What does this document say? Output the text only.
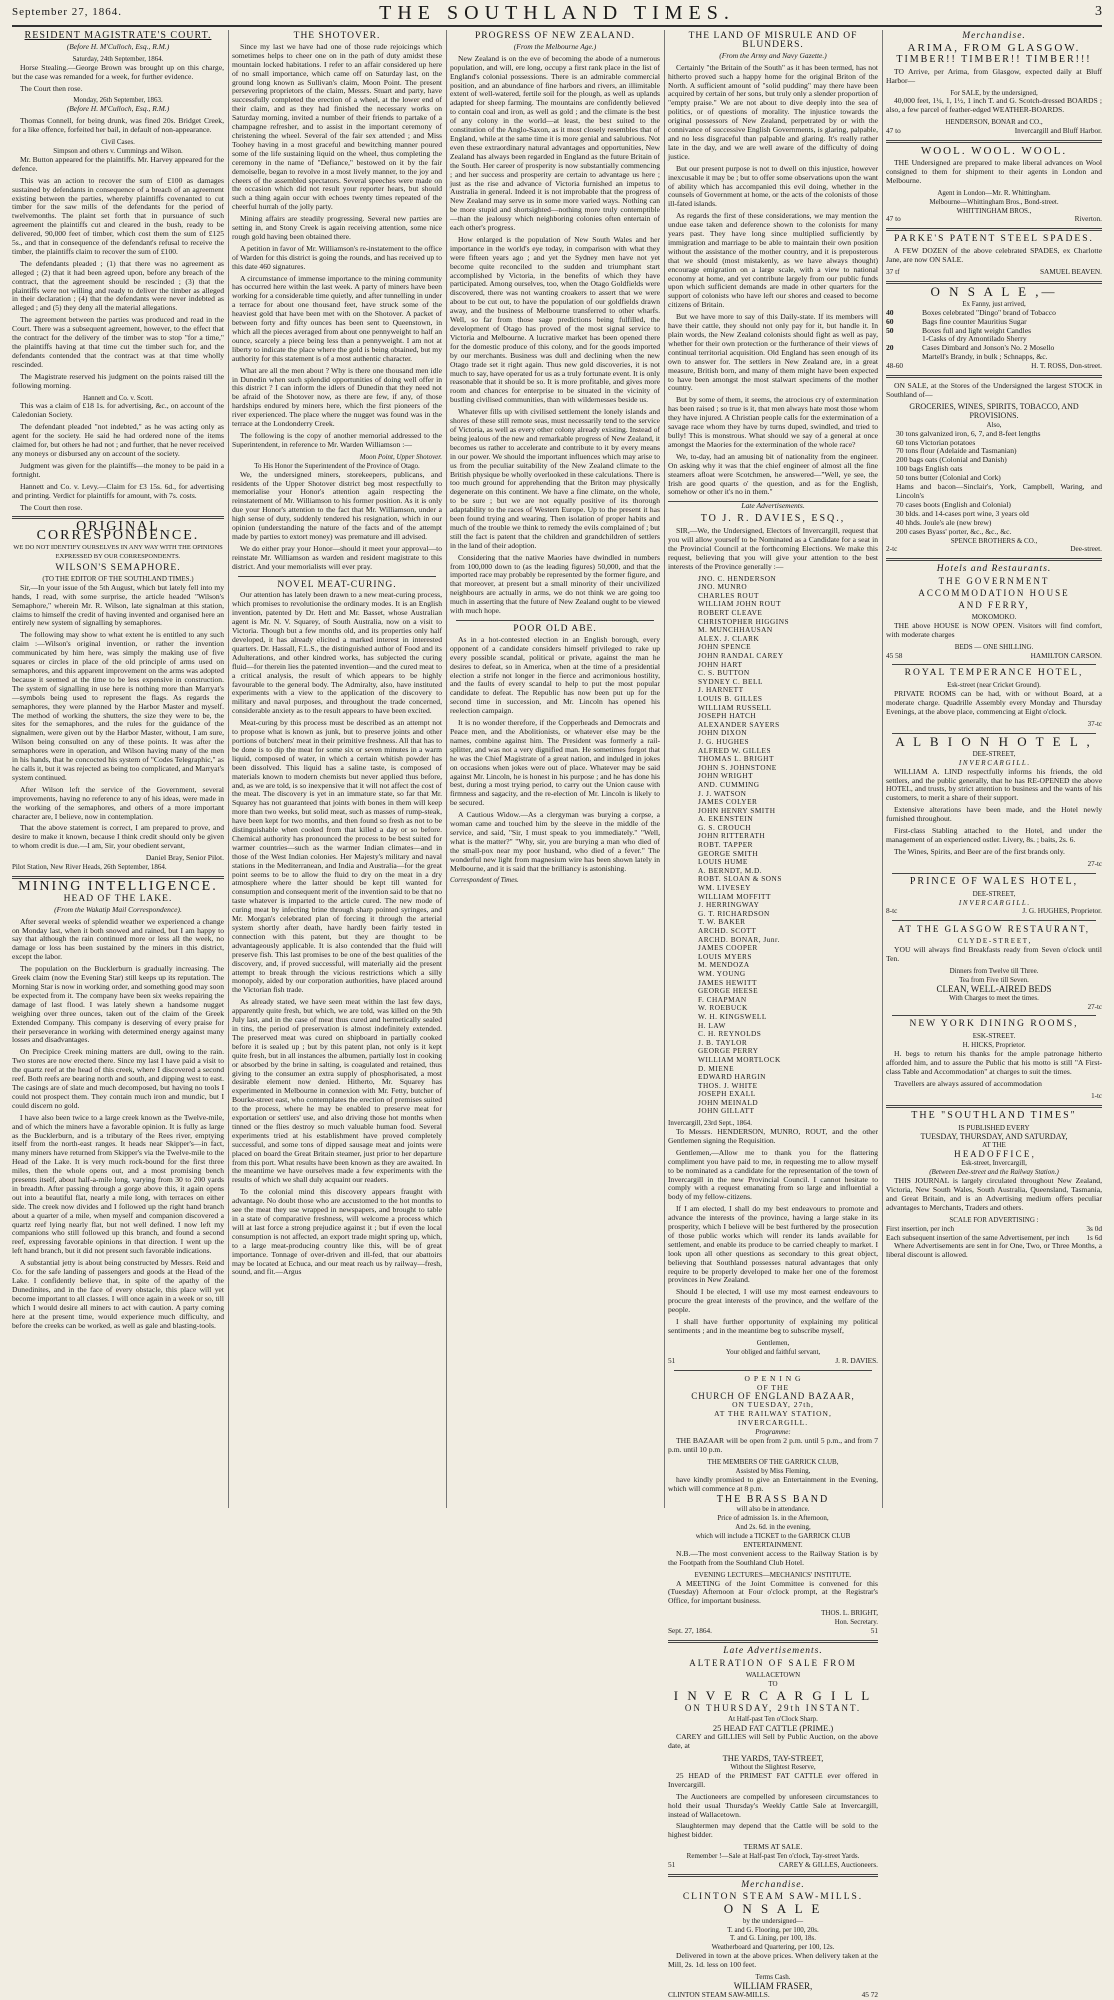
September 27, 1864.	THE SOUTHLAND TIMES.	3
RESIDENT MAGISTRATE'S COURT.
(Before H. M'Culloch, Esq., R.M.)
Saturday, 24th September, 1864.

Horse Stealing.—George Brown was brought up on this charge, but the case was remanded for a week, for further evidence.

The Court then rose.

Monday, 26th September, 1863.
(Before H. M'Culloch, Esq., R.M.)

Thomas Connell, for being drunk, was fined 20s. Bridget Creek, for a like offence, forfeited her bail, in default of non-appearance.

Civil Cases.
Simpson and others v. Cummings and Wilson.

Mr. Button appeared for the plaintiffs. Mr. Harvey appeared for the defence.

This was an action to recover the sum of £100 as damages sustained by defendants in consequence of a breach of an agreement existing between the parties, whereby plaintiffs covenanted to cut timber for the saw mills of the defendants for the period of twelvemonths. The plaint set forth that in pursuance of such agreement the plaintiffs cut and cleared in the bush, ready to be delivered, 90,000 feet of timber, which cost them the sum of £125 5s., and that in consequence of the defendant's refusal to receive the timber, the plaintiffs claim to recover the sum of £100.

The defendants pleaded ; (1) that there was no agreement as alleged ; (2) that it had been agreed upon, before any breach of the contract, that the agreement should be rescinded ; (3) that the plaintiffs were not willing and ready to deliver the timber as alleged in their declaration ; (4) that the defendants were never indebted as alleged ; and (5) they deny all the material allegations.

The agreement between the parties was produced and read in the Court. There was a subsequent agreement, however, to the effect that the contract for the delivery of the timber was to stop "for a time," the plaintiffs having at that time cut the timber such for, and the defendants contended that the contract was at that time wholly rescinded.

The Magistrate reserved his judgment on the points raised till the following morning.

Hannett and Co. v. Scott.

This was a claim of £18 1s. for advertising, &c., on account of the Caledonian Society.

The defendant pleaded "not indebted," as he was acting only as agent for the society. He said he had ordered none of the items claimed for, but others he had not ; and further, that he never received any moneys or disbursed any on account of the society.

Judgment was given for the plaintiffs—the money to be paid in a fortnight.

Hannett and Co. v. Levy.—Claim for £3 15s. 6d., for advertising and printing. Verdict for plaintiffs for amount, with 7s. costs.

The Court then rose.

ORIGINAL CORRESPONDENCE.
WE DO NOT IDENTIFY OURSELVES IN ANY WAY WITH THE OPINIONS EXPRESSED BY OUR CORRESPONDENTS.
WILSON'S SEMAPHORE.
(TO THE EDITOR OF THE SOUTHLAND TIMES.)

Sir,—In your issue of the 5th August, which but lately fell into my hands, I read, with some surprise, the article headed "Wilson's Semaphore," wherein Mr. R. Wilson, late signalman at this station, claims to himself the credit of having invented and organised here an entirely new system of signalling by semaphores.

The following may show to what extent he is entitled to any such claim :—Wilson's original invention, or rather the invention communicated by him here, was simply the making use of five squares or circles in place of the old principle of arms used on semaphores, and this apparent improvement on the arms was adopted because it seemed at the time to be less expensive in construction. The system of signalling in use here is nothing more than Marryat's—symbols being used to represent the flags. As regards the semaphores, they were planned by the Harbor Master and myself. The method of working the shutters, the size they were to be, the sites for the semaphores, and the rules for the guidance of the signalmen, were given out by the Harbor Master, without, I am sure, Wilson being consulted on any of these points. It was after the semaphores were in operation, and Wilson having many of the men in his hands, that he concocted his system of "Codes Telegraphic," as he calls it, but it was rejected as being too complicated, and Marryat's system continued.

After Wilson left the service of the Government, several improvements, having no reference to any of his ideas, were made in the working of the semaphores, and others of a more important character are, I believe, now in contemplation.

That the above statement is correct, I am prepared to prove, and desire to make it known, because I think credit should only be given to whom credit is due.—I am, Sir, your obedient servant,

Daniel Bray, Senior Pilot.
Pilot Station, New River Heads, 26th September, 1864.
MINING INTELLIGENCE.
HEAD OF THE LAKE.
(From the Wakatip Mail Correspondence).

After several weeks of splendid weather we experienced a change on Monday last, when it both snowed and rained, but I am happy to say that although the rain continued more or less all the week, no damage or loss has been sustained by the miners in this district, except the labor.

The population on the Bucklerburn is gradually increasing. The Greek claim (now the Evening Star) still keeps up its reputation. The Morning Star is now in working order, and something good may soon be expected from it. The company have been six weeks repairing the damage of last flood. I was lately shewn a handsome nugget weighing over three ounces, taken out of the claim of the Greek Extended Company. This company is deserving of every praise for their perseverance in working with determined energy against many losses and disadvantages.

On Precipice Creek mining matters are dull, owing to the rain. Two stores are now erected there. Since my last I have paid a visit to the quartz reef at the head of this creek, where I discovered a second reef. Both reefs are bearing north and south, and dipping west to east. The casings are of slate and much decomposed, but having no tools I could not prospect them. They contain much iron and mundic, but I could discern no gold.

I have also been twice to a large creek known as the Twelve-mile, and of which the miners have a favorable opinion. It is fully as large as the Bucklerburn, and is a tributary of the Rees river, emptying itself from the north-east ranges. It heads near Skipper's—in fact, many miners have returned from Skipper's via the Twelve-mile to the Head of the Lake. It is very much rock-bound for the first three miles, then the whole opens out, and a most promising bench presents itself, about half-a-mile long, varying from 30 to 200 yards in breadth. After passing through a gorge above this, it again opens out into a beautiful flat, nearly a mile long, with terraces on either side. The creek now divides and I followed up the right hand branch about a quarter of a mile, when myself and companion discovered a quartz reef lying nearly flat, but not well defined. I now left my companions who still followed up this branch, and found a second reef, expressing favorable opinions in that direction. I went up the left hand branch, but it did not present such favorable indications.

A substantial jetty is about being constructed by Messrs. Reid and Co. for the safe landing of passengers and goods at the Head of the Lake. I confidently believe that, in spite of the apathy of the Dunedinites, and in the face of every obstacle, this place will yet become important to all classes. I will once again in a week or so, till which I would desire all miners to act with caution. A party coming here at the present time, would experience much difficulty, and before the creeks can be worked, as well as gale and blasting-tools.

THE SHOTOVER.

Since my last we have had one of those rude rejoicings which sometimes helps to cheer one on in the path of duty amidst these mountain locked habitations. I refer to an affair considered up here of no small importance, which came off on Saturday last, on the ground long known as Sullivan's claim, Moon Point. The present persevering proprietors of the claim, Messrs. Stuart and party, have successfully completed the erection of a wheel, at the lower end of their claim, and as they had finished the necessary works on Saturday morning, invited a number of their friends to partake of a champagne refresher, and to assist in the important ceremony of christening the wheel. Several of the fair sex attended ; and Miss Toohey having in a most graceful and bewitching manner poured some of the life sustaining liquid on the wheel, thus completing the ceremony in the name of "Defiance," bestowed on it by the fair demoiselle, began to revolve in a most lively manner, to the joy and cheers of the assembled spectators. Several speeches were made on the occasion which did not result your reporter hears, but should such a thing again occur with echoes twenty times repeated of the cheerful hurrah of the jolly party.

Mining affairs are steadily progressing. Several new parties are setting in, and Stony Creek is again receiving attention, some nice rough gold having been obtained there.

A petition in favor of Mr. Williamson's re-instatement to the office of Warden for this district is going the rounds, and has received up to this date 460 signatures.

A circumstance of immense importance to the mining community has occurred here within the last week. A party of miners have been working for a considerable time quietly, and after tunnelling in under a terrace for about one thousand feet, have struck some of the heaviest gold that have been met with on the Shotover. A packet of between forty and fifty ounces has been sent to Queenstown, in which all the pieces averaged from about one pennyweight to half an ounce, scarcely a piece being less than a pennyweight. I am not at liberty to indicate the place where the gold is being obtained, but my authority for this statement is of a most authentic character.

What are all the men about ? Why is there one thousand men idle in Dunedin when such splendid opportunities of doing well offer in this district ? I can inform the idlers of Dunedin that they need not be afraid of the Shotover now, as there are few, if any, of those hardships endured by miners here, which the first pioneers of the river experienced. The place where the nugget was found was in the terrace at the Londonderry Creek.

The following is the copy of another memorial addressed to the Superintendent, in reference to Mr. Warden Williamson :—

Moon Point, Upper Shotover.
To His Honor the Superintendent of the Province of Otago.

We, the undersigned miners, storekeepers, publicans, and residents of the Upper Shotover district beg most respectfully to memorialise your Honor's attention again respecting the reinstatement of Mr. Williamson to his former position. As it is only due your Honor's attention to the fact that Mr. Williamson, under a high sense of duty, suddenly tendered his resignation, which in our opinion (understanding the nature of the facts and of the attempt made by parties to extort money) was premature and ill advised.

We do either pray your Honor—should it meet your approval—to reinstate Mr. Williamson as warden and resident magistrate to this district. And your memorialists will ever pray.

NOVEL MEAT-CURING.

Our attention has lately been drawn to a new meat-curing process, which promises to revolutionise the ordinary modes. It is an English invention, patented by Dr. Hett and Mr. Basset, whose Australian agent is Mr. N. V. Squarey, of South Australia, now on a visit to Victoria. Though but a few months old, and its properties only half developed, it has already elicited a marked interest in interested quarters. Dr. Hassall, F.L.S., the distinguished author of Food and its Adulterations, and other kindred works, has subjected the curing fluid—for therein lies the patented invention—and the cured meat to a critical analysis, the result of which appears to be highly favourable to the general body. The Admiralty, also, have instituted experiments with a view to the application of the discovery to military and naval purposes, and throughout the trade concerned, considerable anxiety as to the result appears to have been excited.

Meat-curing by this process must be described as an attempt not to propose what is known as junk, but to preserve joints and other portions of butchers' meat in their primitive freshness. All that has to be done is to dip the meat for some six or seven minutes in a warm liquid, composed of water, in which a certain whitish powder has been dissolved. This liquid has a saline taste, is composed of materials known to modern chemists but never applied thus before, and, as we are told, is so inexpensive that it will not affect the cost of the meat. The discovery is yet in an immature state, so far that Mr. Squarey has not guaranteed that joints with bones in them will keep more than two weeks, but solid meat, such as masses of rump-steak, have been kept for two months, and then found so fresh as not to be distinguishable when cooked from that killed a day or so before. Chemical authority has pronounced the process to be best suited for warmer countries—such as the warmer Indian climates—and in those of the West Indian colonies. Her Majesty's military and naval stations in the Mediterranean, and India and Australia—for the great point seems to be to allow the fluid to dry on the meat in a dry atmosphere where the latter should be kept till wanted for consumption and consequent merit of the invention said to be that no taste whatever is imparted to the article cured. The new mode of curing meat by infecting brine through sharp pointed syringes, and Mr. Morgan's celebrated plan of forcing it through the arterial system shortly after death, have hardly been fairly tested in connection with this patent, but they are thought to be advantageously applicable. It is also contended that the fluid will preserve fish. This last promises to be one of the best qualities of the discovery, and, if proved successful, will materially aid the present attempt to break through the vicious restrictions which a silly monopoly, aided by our corporation authorities, have placed around the Victorian fish trade.

As already stated, we have seen meat within the last few days, apparently quite fresh, but which, we are told, was killed on the 9th July last, and in the case of meat thus cured and hermetically sealed in tins, the period of preservation is almost indefinitely extended. The preserved meat was cured on shipboard in partially cooked before it is sealed up ; but by this patent plan, not only is it kept quite fresh, but in all instances the albumen, partially lost in cooking or absorbed by the brine in salting, is coagulated and retained, thus giving to the consumer an extra supply of phosphorisated, a most desirable element now denied. Hitherto, Mr. Squarey has experimented in Melbourne in connexion with Mr. Fetty, butcher of Bourke-street east, who contemplates the erection of premises suited to the process, where he may be enabled to preserve meat for exportation or settlers' use, and also driving those hot months when tinned or the flies destroy so much valuable human food. Several experiments tried at his establishment have proved completely successful, and some tons of dipped sausage meat and joints were placed on board the Great Britain steamer, just prior to her departure from this port. What results have been known as they are awaited. In the meantime we have ourselves made a few experiments with the results of which we shall duly acquaint our readers.

To the colonial mind this discovery appears fraught with advantage. No doubt those who are accustomed to the hot months to see the meat they use wrapped in newspapers, and brought to table in a state of comparative freshness, will welcome a process which will at last force a strong prejudice against it ; but if even the local consumption is not affected, an export trade might spring up, which, to a large meat-producing country like this, will be of great importance. Tonnage of over-driven and ill-fed, that our abattoirs may be located at Echuca, and our meat reach us by railway—fresh, sound, and fit.—Argus

PROGRESS OF NEW ZEALAND.
(From the Melbourne Age.)

New Zealand is on the eve of becoming the abode of a numerous population, and will, ere long, occupy a first rank place in the list of England's colonial possessions. There is an admirable commercial position, and an abundance of fine harbors and rivers, an illimitable extent of well-watered, fertile soil for the plough, as well as uplands adapted for sheep farming. The mountains are confidently believed to contain coal and iron, as well as gold ; and the climate is the best of any colony in the world—at least, the best suited to the constitution of the Anglo-Saxon, as it most closely resembles that of England, while at the same time it is more genial and salubrious. Not even these extraordinary natural advantages and opportunities, New Zealand has always been regarded in England as the future Britain of the South. Her career of prosperity is now substantially commencing ; and her success and prosperity are certain to advantage us here ; just as the rise and advance of Victoria furnished an impetus to Australia in general. Indeed it is not improbable that the progress of New Zealand may serve us in some more varied ways. Nothing can be more stupid and shortsighted—nothing more truly contemptible—than the jealousy which neighboring colonies often entertain of each other's progress.

How enlarged is the population of New South Wales and her importance in the world's eye today, in comparison with what they were fifteen years ago ; and yet the Sydney men have not yet become quite reconciled to the sudden and triumphant start accomplished by Victoria, in the benefits of which they have participated. Among ourselves, too, when the Otago Goldfields were discovered, there was not wanting croakers to assert that we were about to be cut out, to have the population of our goldfields drawn away, and the business of Melbourne transferred to other wharfs. Well, so far from those sage predictions being fulfilled, the development of Otago has proved of the most signal service to Victoria and Melbourne. A lucrative market has been opened there for the domestic produce of this colony, and for the goods imported by our merchants. Business was dull and declining when the new Otago trade set it right again. Thus new gold discoveries, it is not much to say, have operated for us as a truly fortunate event. It is only reasonable that it should be so. It is more profitable, and gives more room and chances for enterprise to be situated in the vicinity of bustling civilised communities, than with wildernesses beside us.

Whatever fills up with civilised settlement the lonely islands and shores of these still remote seas, must necessarily tend to the service of Victoria, as well as every other colony already existing. Instead of being jealous of the new and remarkable progress of New Zealand, it becomes us rather to accelerate and contribute to it by every means in our power. We should the important influences which may arise to us from the peculiar suitability of the New Zealand climate to the British physique be wholly overlooked in these calculations. There is too much ground for apprehending that the Briton may physically degenerate on this continent. We have a fine climate, on the whole, to be sure ; but we are not equally positive of its thorough adaptability to the races of Western Europe. Up to the present it has been found trying and wearing. Then isolation of proper habits and much of the trouble we think to remedy the evils complained of ; but still the fact is patent that the children and grandchildren of settlers in the land of their adoption.

Considering that the native Maories have dwindled in numbers from 100,000 down to (as the leading figures) 50,000, and that the imported race may probably be represented by the former figure, and that moreover, at present but a small minority of their uncivilized neighbours are actually in arms, we do not think we are going too much in asserting that the future of New Zealand ought to be viewed with much hope.

POOR OLD ABE.

As in a hot-contested election in an English borough, every opponent of a candidate considers himself privileged to rake up every possible scandal, political or private, against the man he desires to defeat, so in America, when at the time of a presidential election a strife not longer in the fierce and acrimonious hostility, and the faults of every scandal to help to put the most popular candidate to defeat. The Republic has now been put up for the second time in succession, and Mr. Lincoln has opened his reelection campaign.

It is no wonder therefore, if the Copperheads and Democrats and Peace men, and the Abolitionists, or whatever else may be the names, combine against him. The President was formerly a rail-splitter, and was not a very dignified man. He sometimes forgot that he was the Chief Magistrate of a great nation, and indulged in jokes on occasions when jokes were out of place. Whatever may be said against Mr. Lincoln, he is honest in his purpose ; and he has done his best, during a most trying period, to carry out the Union cause with firmness and sagacity, and the re-election of Mr. Lincoln is likely to be secured.

A Cautious Widow.—As a clergyman was burying a corpse, a woman came and touched him by the sleeve in the middle of the service, and said, "Sir, I must speak to you immediately." "Well, what is the matter?" "Why, sir, you are burying a man who died of the small-pox near my poor husband, who died of a fever." The wonderful new light from magnesium wire has been shown lately in Melbourne, and it is said that the brilliancy is astonishing.

Correspondent of Times.
THE LAND OF MISRULE AND OF BLUNDERS.
(From the Army and Navy Gazette.)

Certainly "the Britain of the South" as it has been termed, has not hitherto proved such a happy home for the original Briton of the North. A sufficient amount of "solid pudding" may there have been acquired by certain of her sons, but truly only a slender proportion of "empty praise." We are not about to dive deeply into the sea of politics, or of questions of morality. The injustice towards the original possessors of New Zealand, perpetrated by or with the connivance of successive English Governments, is glaring, palpable, and no less disgraceful than palpable and glaring. It's really rather late in the day, and we are well aware of the difficulty of doing justice.

But our present purpose is not to dwell on this injustice, however inexcusable it may be ; but to offer some observations upon the want of ability which has accompanied this evil doing, whether in the counsels of Government at home, or the acts of the colonists of those ill-fated islands.

As regards the first of these considerations, we may mention the undue ease taken and deference shown to the colonists for many years past. They have long since multiplied sufficiently by immigration and marriage to be able to maintain their own position without the assistance of the mother country, and it is preposterous that we should (most mistakenly, as we have always thought) encourage emigration on a large scale, with a view to national economy at home, and yet contribute largely from our public funds upon which sufficient demands are made in other quarters for the support of colonists who have left our shores and ceased to become citizens of Britain.

But we have more to say of this Daily-state. If its members will have their cattle, they should not only pay for it, but handle it. In plain words, the New Zealand colonists should fight as well as pay, whether for their own protection or the furtherance of their views of continual territorial acquisition. Old England has seen enough of its own to answer for. The settlers in New Zealand are, in a great measure, British born, and many of them might have been expected to have been amongst the most stalwart specimens of the mother country.

But by some of them, it seems, the atrocious cry of extermination has been raised ; so true is it, that men always hate most those whom they have injured. A Christian people calls for the extermination of a savage race whom they have by turns duped, swindled, and tried to bully! This is monstrous. What should we say of a general at once amongst the Maories for the extermination of the whole race?

We, to-day, had an amusing bit of nationality from the engineer. On asking why it was that the chief engineer of almost all the fine steamers afloat were Scotchmen, he answered—"Well, ye see, the Irish are good quarts o' the question, and as for the English, somehow or other it's no in them."

Late Advertisements.
TO J. R. DAVIES, ESQ.,

SIR,—We, the Undersigned, Electors of Invercargill, request that you will allow yourself to be Nominated as a Candidate for a seat in the Provincial Council at the forthcoming Elections. We make this request, believing that you will give your attention to the best interests of the Province generally :—

JNO. C. HENDERSON
JNO. MUNRO
CHARLES ROUT
WILLIAM JOHN ROUT
ROBERT CLEAVE
CHRISTOPHER HIGGINS
M. MUNCHHAUSAN
ALEX. J. CLARK
JOHN SPENCE
JOHN RANDAL CAREY
JOHN HART
C. S. BUTTON
SYDNEY C. BELL
J. HARNETT
LOUIS B. GILLES
WILLIAM RUSSELL
JOSEPH HATCH
ALEXANDER SAYERS
JOHN DIXON
J. G. HUGHES
ALFRED W. GILLES
THOMAS L. BRIGHT
JOHN S. JOHNSTONE
JOHN WRIGHT
AND. CUMMING
J. J. WATSON
JAMES COLYER
JOHN HENRY SMITH
A. EKENSTEIN
G. S. CROUCH
JOHN RITTERATH
ROBT. TAPPER
GEORGE SMITH
LOUIS HUME
A. BERNDT, M.D.
ROBT. SLOAN & SONS
WM. LIVESEY
WILLIAM MOFFITT
J. HERRINGWAY
G. T. RICHARDSON
T. W. BAKER
ARCHD. SCOTT
ARCHD. BONAR, Junr.
JAMES COOPER
LOUIS MYERS
M. MENDOZA
WM. YOUNG
JAMES HEWITT
GEORGE HEESE
F. CHAPMAN
W. ROEBUCK
W. H. KINGSWELL
H. LAW
C. H. REYNOLDS
J. B. TAYLOR
GEORGE PERRY
WILLIAM MORTLOCK
D. MIENE
EDWARD HARGIN
THOS. J. WHITE
JOSEPH EXALL
JOHN MEINALD
JOHN GILLATT
Invercargill, 23rd Sept., 1864.

To Messrs. HENDERSON, MUNRO, ROUT, and the other Gentlemen signing the Requisition.

Gentlemen,—Allow me to thank you for the flattering compliment you have paid to me, in requesting me to allow myself to be nominated as a candidate for the representation of the town of Invercargill in the new Provincial Council. I cannot hesitate to comply with a request emanating from so large and influential a body of my fellow-citizens.

If I am elected, I shall do my best endeavours to promote and advance the interests of the province, having a large stake in its prosperity, which I believe will be best furthered by the prosecution of those public works which will render its lands available for settlement, and enable its produce to be carried cheaply to market. I look upon all other questions as secondary to this great object, believing that Southland possesses natural advantages that only require to be properly developed to make her one of the foremost provinces in New Zealand.

Should I be elected, I will use my most earnest endeavours to procure the great interests of the province, and the welfare of the people.

I shall have further opportunity of explaining my political sentiments ; and in the meantime beg to subscribe myself,

Gentlemen,
Your obliged and faithful servant,
51	J. R. DAVIES.
O P E N I N G
OF THE
CHURCH OF ENGLAND BAZAAR,
ON TUESDAY, 27th,
AT THE RAILWAY STATION,
INVERCARGILL.
Programme:

THE BAZAAR will be open from 2 p.m. until 5 p.m., and from 7 p.m. until 10 p.m.

THE MEMBERS OF THE GARRICK CLUB,
Assisted by Miss Fleming,

have kindly promised to give an Entertainment in the Evening, which will commence at 8 p.m.

THE BRASS BAND
will also be in attendance.
Price of admission 1s. in the Afternoon,
And 2s. 6d. in the evening,
which will include a TICKET to the GARRICK CLUB
ENTERTAINMENT.

N.B.—The most convenient access to the Railway Station is by the Footpath from the Southland Club Hotel.

EVENING LECTURES—MECHANICS' INSTITUTE.

A MEETING of the Joint Committee is convened for this (Tuesday) Afternoon at Four o'clock prompt, at the Registrar's Office, for important business.

THOS. L. BRIGHT,
Hon. Secretary.
Sept. 27, 1864.	51
Late Advertisements.
ALTERATION OF SALE FROM
WALLACETOWN
TO
I N V E R C A R G I L L
ON THURSDAY, 29th INSTANT.
At Half-past Ten o'Clock Sharp.
25 HEAD FAT CATTLE (PRIME.)

CAREY and GILLIES will Sell by Public Auction, on the above date, at

THE YARDS, TAY-STREET,
Without the Slightest Reserve,

25 HEAD of the PRIMEST FAT CATTLE ever offered in Invercargill.

The Auctioneers are compelled by unforeseen circumstances to hold their usual Thursday's Weekly Cattle Sale at Invercargill, instead of Wallacetown.

Slaughtermen may depend that the Cattle will be sold to the highest bidder.

TERMS AT SALE.
Remember !—Sale at Half-past Ten o'clock, Tay-street Yards.
51	CAREY & GILLES, Auctioneers.
Merchandise.
CLINTON STEAM SAW-MILLS.
O N S A L E
by the undersigned—
T. and G. Flooring, per 100, 20s.
T. and G. Lining, per 100, 18s.
Weatherboard and Quartering, per 100, 12s.

Delivered in town at the above prices. When delivery taken at the Mill, 2s. 1d. less on 100 feet.

Terms Cash.
WILLIAM FRASER,
CLINTON STEAM SAW-MILLS.	45 72
Merchandise.
ARIMA, FROM GLASGOW.
TIMBER!! TIMBER!! TIMBER!!!

TO Arrive, per Arima, from Glasgow, expected daily at Bluff Harbor—

For SALE, by the undersigned,

40,000 feet, 1¼, 1, 1½, 1 inch T. and G. Scotch-dressed BOARDS ; also, a few parcel of feather-edged WEATHER-BOARDS.

HENDERSON, BONAR and CO.,
47 to	Invercargill and Bluff Harbor.
WOOL. WOOL. WOOL.

THE Undersigned are prepared to make liberal advances on Wool consigned to them for shipment to their agents in London and Melbourne.

Agent in London—Mr. R. Whittingham.
Melbourne—Whittingham Bros., Bond-street.
WHITTINGHAM BROS.,
47 to	Riverton.
PARKE'S PATENT STEEL SPADES.

A FEW DOZEN of the above celebrated SPADES, ex Charlotte Jane, are now ON SALE.

37 tf	SAMUEL BEAVEN.
O N S A L E ,—
Ex Fanny, just arrived,
40	Boxes celebrated "Dingo" brand of Tobacco
60	Bags fine counter Mauritius Sugar
50	Boxes full and light weight Candles
1-Casks of dry Amontilado Sherry
20	Cases Dimbard and Jonson's No. 2 Mosello
Martell's Brandy, in bulk ; Schnapps, &c.
48-60	H. T. ROSS, Don-street.

ON SALE, at the Stores of the Undersigned the largest STOCK in Southland of—

GROCERIES, WINES, SPIRITS, TOBACCO, AND PROVISIONS.
Also,
30 tons galvanized iron, 6, 7, and 8-feet lengths
60 tons Victorian potatoes
70 tons flour (Adelaide and Tasmanian)
200 bags oats (Colonial and Danish)
100 bags English oats
50 tons butter (Colonial and Cork)
Hams and bacon—Sinclair's, York, Campbell, Waring, and Lincoln's
70 cases boots (English and Colonial)
30 blds. and 14-cases port wine, 3 years old
40 hhds. Joule's ale (new brew)
200 cases Byass' porter, &c., &c., &c.
SPENCE BROTHERS & CO.,
2-tc	Dee-street.
Hotels and Restaurants.
THE GOVERNMENT
ACCOMMODATION HOUSE
AND FERRY,
MOKOMOKO.

THE above HOUSE is NOW OPEN. Visitors will find comfort, with moderate charges

BEDS — ONE SHILLING.
45 58	HAMILTON CARSON.
ROYAL TEMPERANCE HOTEL,
Esk-street (near Cricket Ground).

PRIVATE ROOMS can be had, with or without Board, at a moderate charge. Quadrille Assembly every Monday and Thursday Evenings, at the above place, commencing at Eight o'clock.

37-tc
A L B I O N H O T E L ,
DEE-STREET,
I N V E R C A R G I L L .

WILLIAM A. LIND respectfully informs his friends, the old settlers, and the public generally, that he has RE-OPENED the above HOTEL, and trusts, by strict attention to business and the wants of his customers, to merit a share of their support.

Extensive alterations have been made, and the Hotel newly furnished throughout.

First-class Stabling attached to the Hotel, and under the management of an experienced ostler. Livery, 8s. ; baits, 2s. 6.

The Wines, Spirits, and Beer are of the first brands only.

27-tc
PRINCE OF WALES HOTEL,
DEE-STREET,
I N V E R C A R G I L L .
8-tc	J. G. HUGHES, Proprietor.
AT THE GLASGOW RESTAURANT,
C L Y D E - S T R E E T ,

YOU will always find Breakfasts ready from Seven o'clock until Ten.

Dinners from Twelve till Three.
Tea from Five till Seven.
CLEAN, WELL-AIRED BEDS
With Charges to meet the times.
27-tc
NEW YORK DINING ROOMS,
ESK-STREET.
H. HICKS, Proprietor.

H. begs to return his thanks for the ample patronage hitherto afforded him, and to assure the Public that his motto is still "A First-class Table and Accommodation" at charges to suit the times.

Travellers are always assured of accommodation

1-tc
THE "SOUTHLAND TIMES"
IS PUBLISHED EVERY
TUESDAY, THURSDAY, AND SATURDAY,
AT THE
H E A D O F F I C E ,
Esk-street, Invercargill,
(Between Dee-street and the Railway Station.)

THIS JOURNAL is largely circulated throughout New Zealand, Victoria, New South Wales, South Australia, Queensland, Tasmania, and Great Britain, and is an Advertising medium offers peculiar advantages to Merchants, Traders and others.

SCALE FOR ADVERTISING :
First insertion, per inch	3s 0d
Each subsequent insertion of the same Advertisement, per inch 1s 6d

Where Advertisements are sent in for One, Two, or Three Months, a liberal discount is allowed.
